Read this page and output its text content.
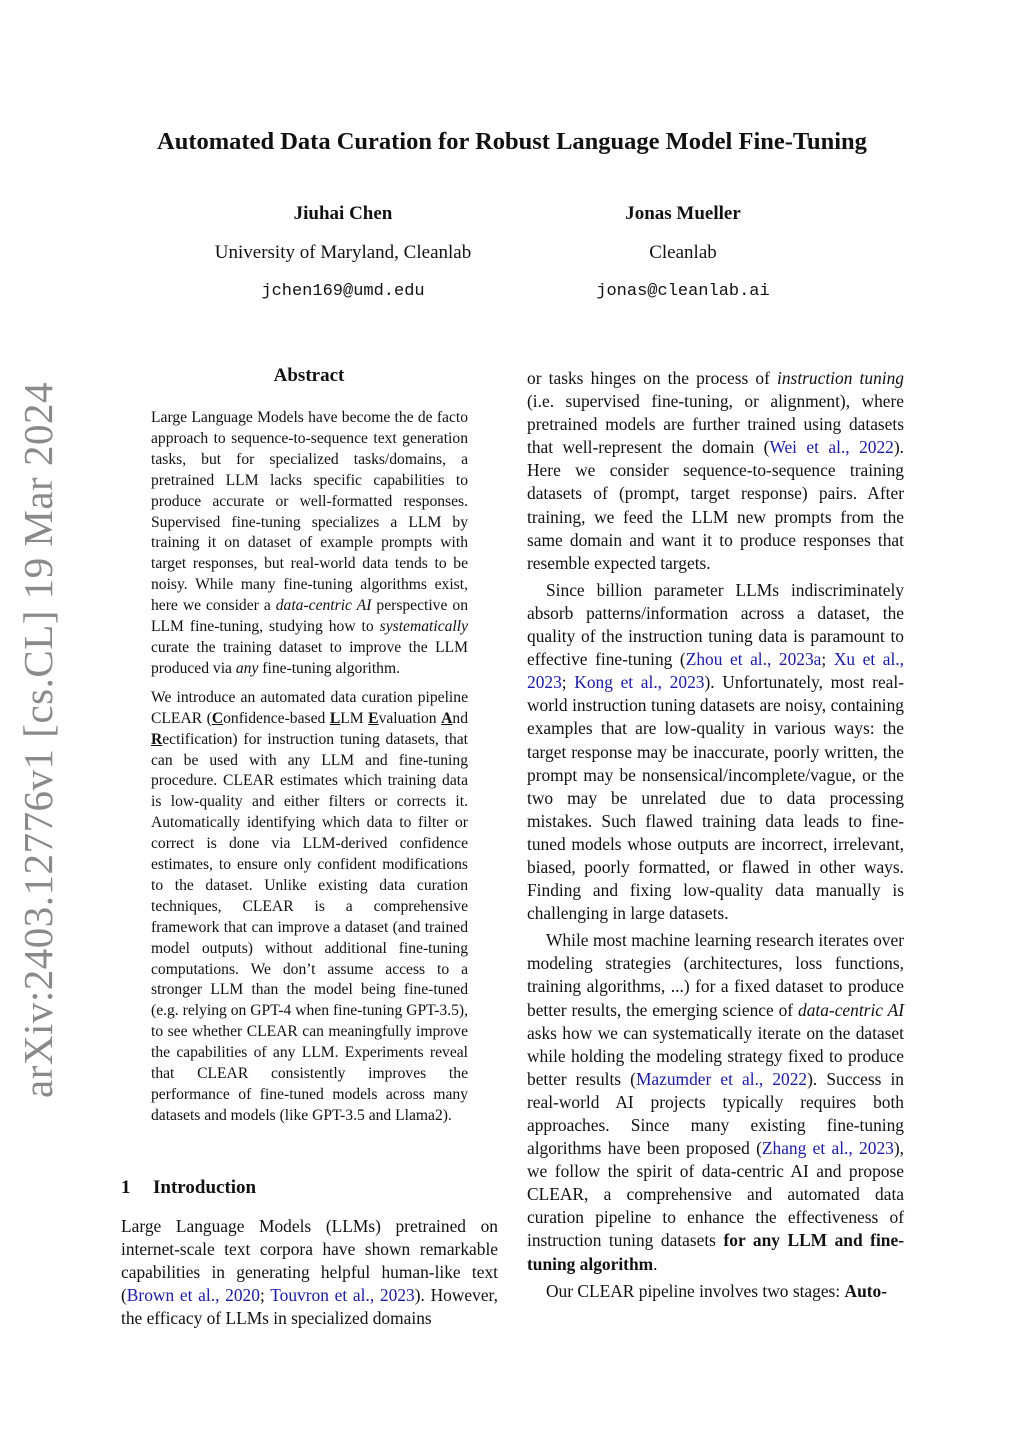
arXiv:2403.12776v1 [cs.CL] 19 Mar 2024
Automated Data Curation for Robust Language Model Fine-Tuning
Jiuhai Chen
University of Maryland, Cleanlab
jchen169@umd.edu
Jonas Mueller
Cleanlab
jonas@cleanlab.ai
Abstract

Large Language Models have become the de facto approach to sequence-to-sequence text generation tasks, but for specialized tasks/domains, a pretrained LLM lacks specific capabilities to produce accurate or well-formatted responses. Supervised fine-tuning specializes a LLM by training it on dataset of example prompts with target responses, but real-world data tends to be noisy. While many fine-tuning algorithms exist, here we consider a data-centric AI perspective on LLM fine-tuning, studying how to systematically curate the training dataset to improve the LLM produced via any fine-tuning algorithm.

We introduce an automated data curation pipeline CLEAR (Confidence-based LLM Evaluation And Rectification) for instruction tuning datasets, that can be used with any LLM and fine-tuning procedure. CLEAR estimates which training data is low-quality and either filters or corrects it. Automatically identifying which data to filter or correct is done via LLM-derived confidence estimates, to ensure only confident modifications to the dataset. Unlike existing data curation techniques, CLEAR is a comprehensive framework that can improve a dataset (and trained model outputs) without additional fine-tuning computations. We don’t assume access to a stronger LLM than the model being fine-tuned (e.g. relying on GPT-4 when fine-tuning GPT-3.5), to see whether CLEAR can meaningfully improve the capabilities of any LLM. Experiments reveal that CLEAR consistently improves the performance of fine-tuned models across many datasets and models (like GPT-3.5 and Llama2).

1 Introduction

Large Language Models (LLMs) pretrained on internet-scale text corpora have shown remarkable capabilities in generating helpful human-like text (Brown et al., 2020; Touvron et al., 2023). However, the efficacy of LLMs in specialized domains

or tasks hinges on the process of instruction tuning (i.e. supervised fine-tuning, or alignment), where pretrained models are further trained using datasets that well-represent the domain (Wei et al., 2022). Here we consider sequence-to-sequence training datasets of (prompt, target response) pairs. After training, we feed the LLM new prompts from the same domain and want it to produce responses that resemble expected targets.

Since billion parameter LLMs indiscriminately absorb patterns/information across a dataset, the quality of the instruction tuning data is paramount to effective fine-tuning (Zhou et al., 2023a; Xu et al., 2023; Kong et al., 2023). Unfortunately, most real-world instruction tuning datasets are noisy, containing examples that are low-quality in various ways: the target response may be inaccurate, poorly written, the prompt may be nonsensical/incomplete/vague, or the two may be unrelated due to data processing mistakes. Such flawed training data leads to fine-tuned models whose outputs are incorrect, irrelevant, biased, poorly formatted, or flawed in other ways. Finding and fixing low-quality data manually is challenging in large datasets.

While most machine learning research iterates over modeling strategies (architectures, loss functions, training algorithms, ...) for a fixed dataset to produce better results, the emerging science of data-centric AI asks how we can systematically iterate on the dataset while holding the modeling strategy fixed to produce better results (Mazumder et al., 2022). Success in real-world AI projects typically requires both approaches. Since many existing fine-tuning algorithms have been proposed (Zhang et al., 2023), we follow the spirit of data-centric AI and propose CLEAR, a comprehensive and automated data curation pipeline to enhance the effectiveness of instruction tuning datasets for any LLM and fine-tuning algorithm.

Our CLEAR pipeline involves two stages: Auto-
